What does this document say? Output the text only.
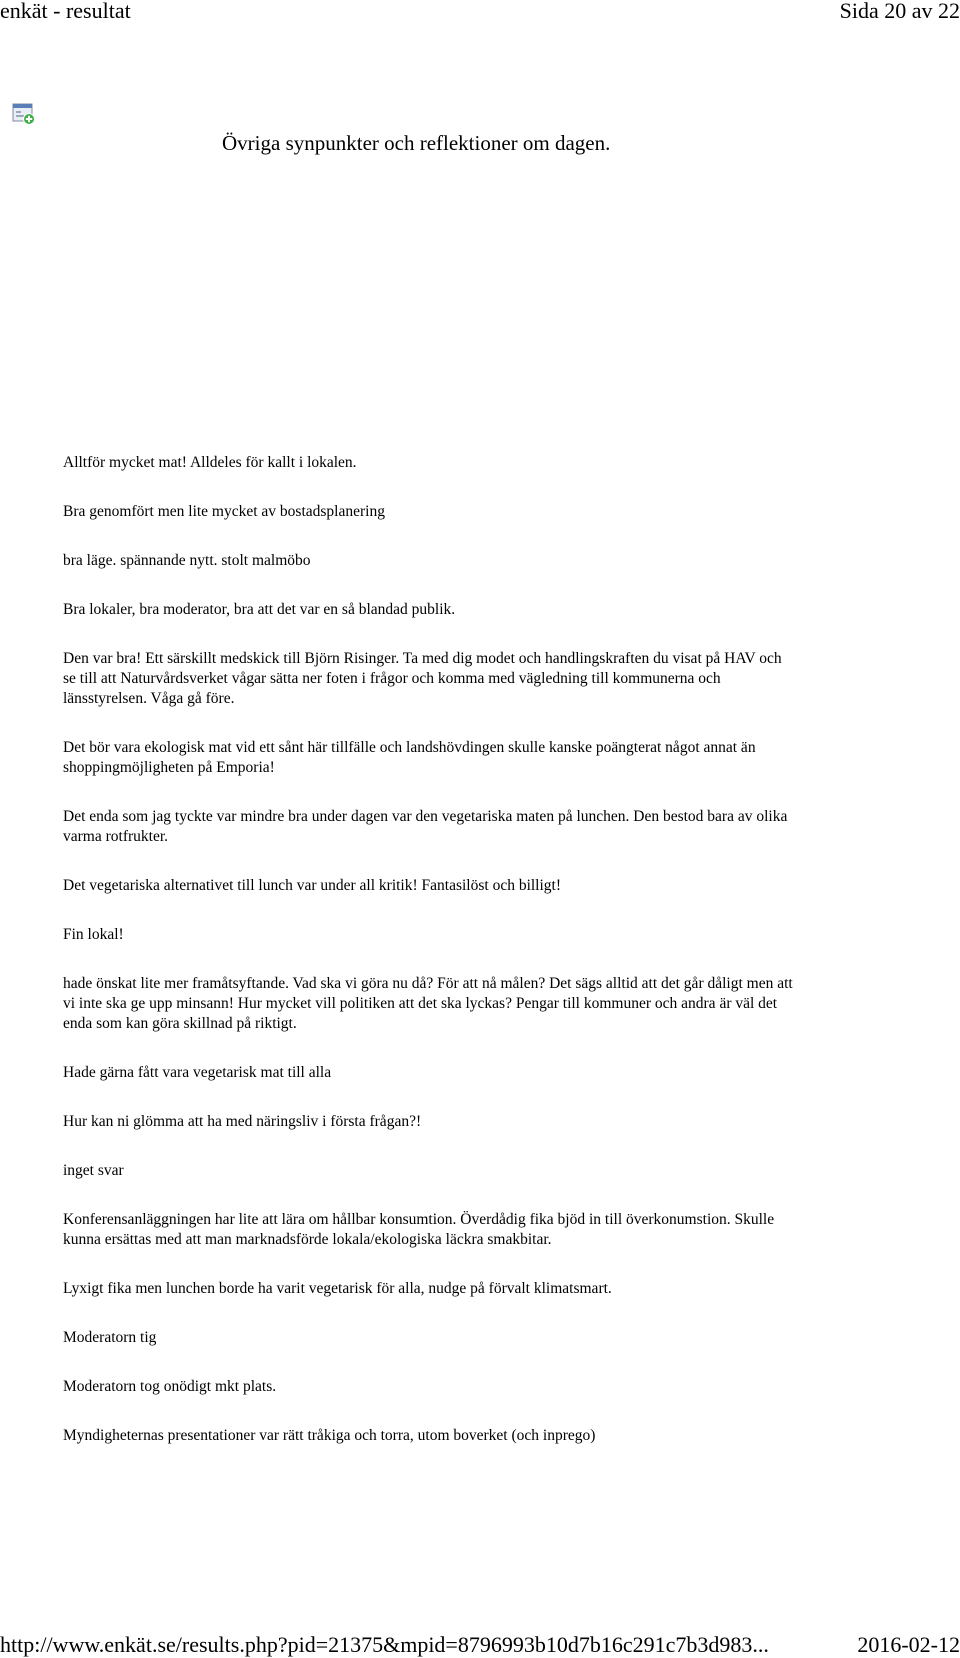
enkät - resultat	Sida 20 av 22
Övriga synpunkter och reflektioner om dagen.
Alltför mycket mat! Alldeles för kallt i lokalen.
Bra genomfört men lite mycket av bostadsplanering
bra läge. spännande nytt. stolt malmöbo
Bra lokaler, bra moderator, bra att det var en så blandad publik.
Den var bra! Ett särskillt medskick till Björn Risinger. Ta med dig modet och handlingskraften du visat på HAV och se till att Naturvårdsverket vågar sätta ner foten i frågor och komma med vägledning till kommunerna och länsstyrelsen. Våga gå före.
Det bör vara ekologisk mat vid ett sånt här tillfälle och landshövdingen skulle kanske poängterat något annat än shoppingmöjligheten på Emporia!
Det enda som jag tyckte var mindre bra under dagen var den vegetariska maten på lunchen. Den bestod bara av olika varma rotfrukter.
Det vegetariska alternativet till lunch var under all kritik! Fantasilöst och billigt!
Fin lokal!
hade önskat lite mer framåtsyftande. Vad ska vi göra nu då? För att nå målen? Det sägs alltid att det går dåligt men att vi inte ska ge upp minsann! Hur mycket vill politiken att det ska lyckas? Pengar till kommuner och andra är väl det enda som kan göra skillnad på riktigt.
Hade gärna fått vara vegetarisk mat till alla
Hur kan ni glömma att ha med näringsliv i första frågan?!
inget svar
Konferensanläggningen har lite att lära om hållbar konsumtion. Överdådig fika bjöd in till överkonumstion. Skulle kunna ersättas med att man marknadsförde lokala/ekologiska läckra smakbitar.
Lyxigt fika men lunchen borde ha varit vegetarisk för alla, nudge på förvalt klimatsmart.
Moderatorn tig
Moderatorn tog onödigt mkt plats.
Myndigheternas presentationer var rätt tråkiga och torra, utom boverket (och inprego)
http://www.enkät.se/results.php?pid=21375&mpid=8796993b10d7b16c291c7b3d983...	2016-02-12
